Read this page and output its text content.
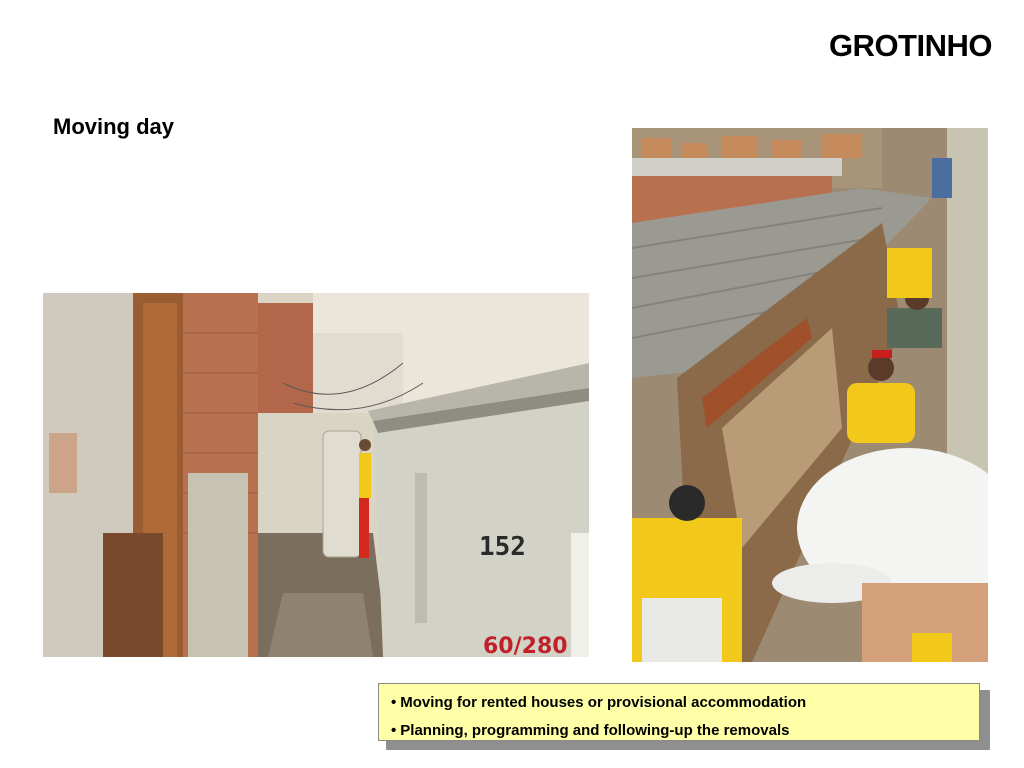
GROTINHO
Moving day
152
60/280
• Moving for rented houses or provisional accommodation
• Planning, programming and following-up the removals
